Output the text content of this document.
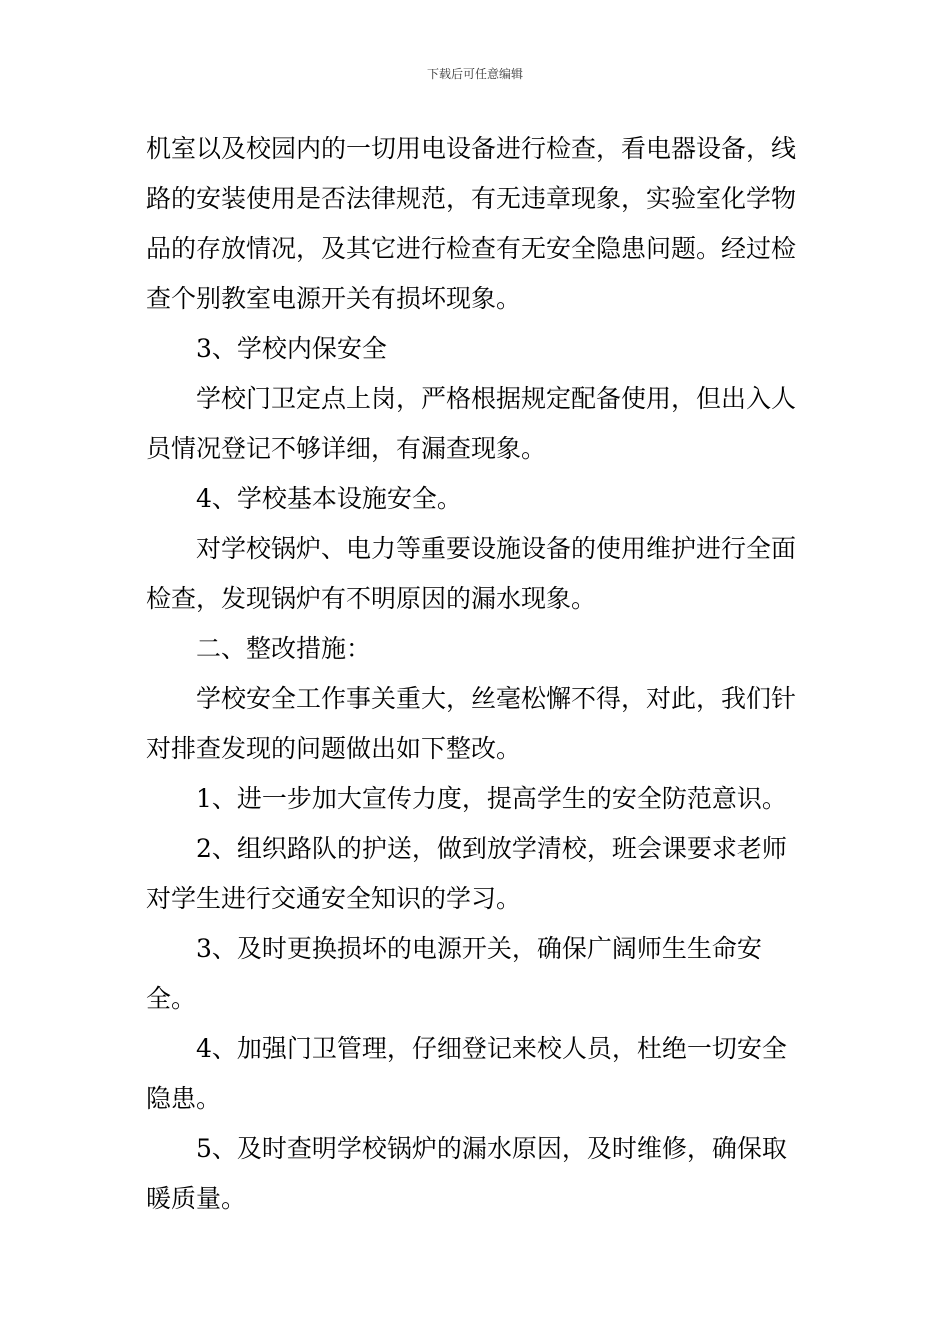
下载后可任意编辑

机室以及校园内的一切用电设备进行检查，看电器设备，线路的安装使用是否法律规范，有无违章现象，实验室化学物品的存放情况，及其它进行检查有无安全隐患问题。经过检查个别教室电源开关有损坏现象。

3、学校内保安全

学校门卫定点上岗，严格根据规定配备使用，但出入人员情况登记不够详细，有漏查现象。

4、学校基本设施安全。

对学校锅炉、电力等重要设施设备的使用维护进行全面检查，发现锅炉有不明原因的漏水现象。

二、整改措施：

学校安全工作事关重大，丝毫松懈不得，对此，我们针对排查发现的问题做出如下整改。

1、进一步加大宣传力度，提高学生的安全防范意识。

2、组织路队的护送，做到放学清校，班会课要求老师对学生进行交通安全知识的学习。

3、及时更换损坏的电源开关，确保广阔师生生命安全。

4、加强门卫管理，仔细登记来校人员，杜绝一切安全隐患。

5、及时查明学校锅炉的漏水原因，及时维修，确保取暖质量。
